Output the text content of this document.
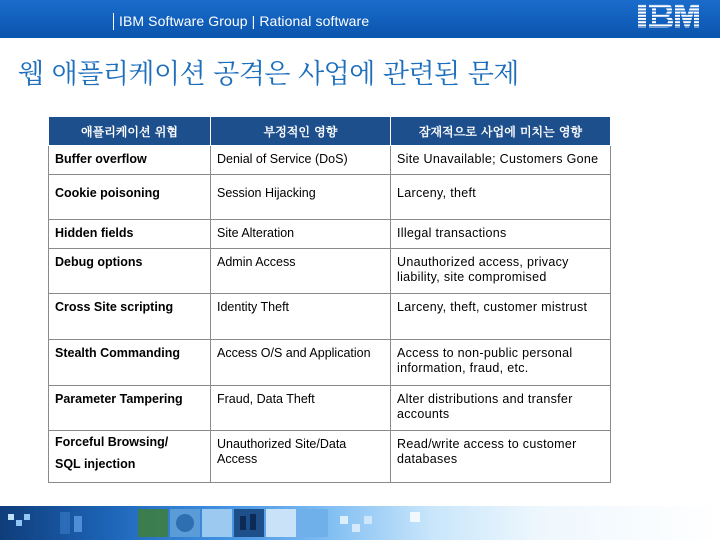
IBM Software Group | Rational software
웹 애플리케이션 공격은 사업에 관련된 문제
애플리케이션 위협	부정적인 영향	잠재적으로 사업에 미치는 영향

Buffer overflow	Denial of Service (DoS)	Site Unavailable; Customers Gone

Cookie poisoning	Session Hijacking	Larceny, theft

Hidden fields	Site Alteration	Illegal transactions

Debug options	Admin Access	Unauthorized access, privacy liability, site compromised

Cross Site scripting	Identity Theft	Larceny, theft, customer mistrust

Stealth Commanding	Access O/S and Application	Access to non-public personal information, fraud, etc.

Parameter Tampering	Fraud, Data Theft	Alter distributions and transfer accounts

Forceful Browsing/
SQL injection	Unauthorized Site/Data Access	Read/write access to customer databases
